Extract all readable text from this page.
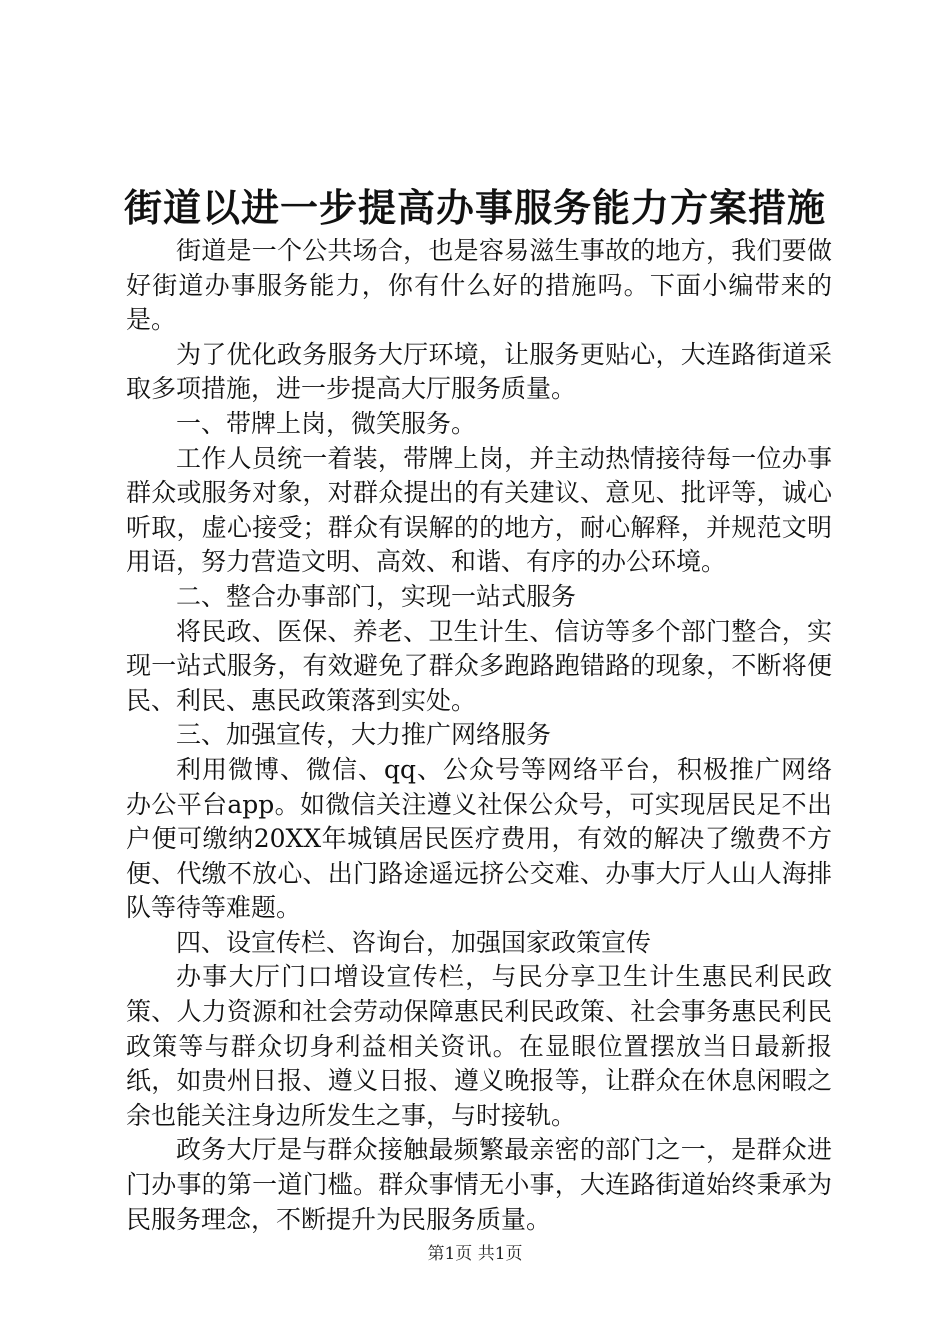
街道以进一步提高办事服务能力方案措施

街道是一个公共场合，也是容易滋生事故的地方，我们要做好街道办事服务能力，你有什么好的措施吗。下面小编带来的是。

为了优化政务服务大厅环境，让服务更贴心，大连路街道采取多项措施，进一步提高大厅服务质量。

一、带牌上岗，微笑服务。

工作人员统一着装，带牌上岗，并主动热情接待每一位办事群众或服务对象，对群众提出的有关建议、意见、批评等，诚心听取，虚心接受；群众有误解的的地方，耐心解释，并规范文明用语，努力营造文明、高效、和谐、有序的办公环境。

二、整合办事部门，实现一站式服务

将民政、医保、养老、卫生计生、信访等多个部门整合，实现一站式服务，有效避免了群众多跑路跑错路的现象，不断将便民、利民、惠民政策落到实处。

三、加强宣传，大力推广网络服务

利用微博、微信、qq、公众号等网络平台，积极推广网络办公平台app。如微信关注遵义社保公众号，可实现居民足不出户便可缴纳20XX年城镇居民医疗费用，有效的解决了缴费不方便、代缴不放心、出门路途遥远挤公交难、办事大厅人山人海排队等待等难题。

四、设宣传栏、咨询台，加强国家政策宣传

办事大厅门口增设宣传栏，与民分享卫生计生惠民利民政策、人力资源和社会劳动保障惠民利民政策、社会事务惠民利民政策等与群众切身利益相关资讯。在显眼位置摆放当日最新报纸，如贵州日报、遵义日报、遵义晚报等，让群众在休息闲暇之余也能关注身边所发生之事，与时接轨。

政务大厅是与群众接触最频繁最亲密的部门之一，是群众进门办事的第一道门槛。群众事情无小事，大连路街道始终秉承为民服务理念，不断提升为民服务质量。

第1页 共1页
